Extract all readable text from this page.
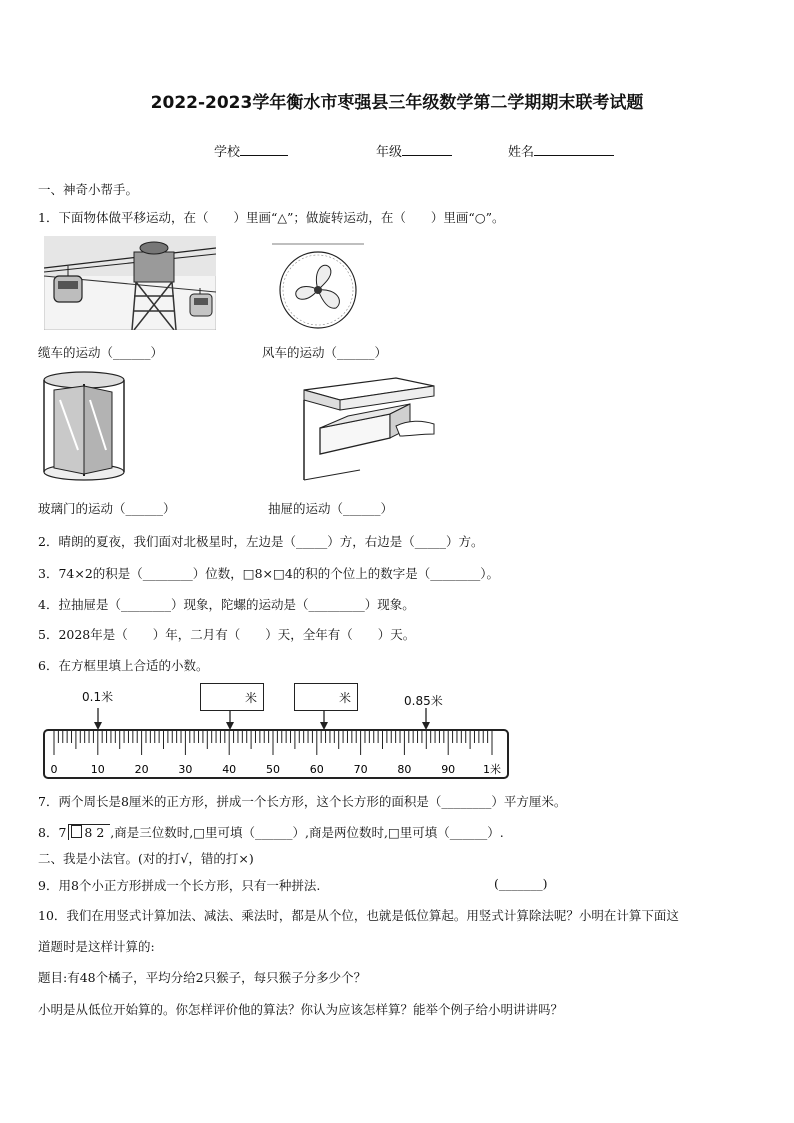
2022-2023学年衡水市枣强县三年级数学第二学期期末联考试题
学校	年级	姓名
一、神奇小帮手。
1．下面物体做平移运动，在（　　）里画“△”；做旋转运动，在（　　）里画“○”。
缆车的运动（______）	风车的运动（______）
玻璃门的运动（______）	抽屉的运动（______）
2．晴朗的夏夜，我们面对北极星时，左边是（_____）方，右边是（_____）方。
3．74×2的积是（________）位数，□8×□4的积的个位上的数字是（________）。
4．拉抽屉是（________）现象，陀螺的运动是（_________）现象。
5．2028年是（　　）年，二月有（　　）天，全年有（　　）天。
6．在方框里填上合适的小数。
0.1米	米	米	0.85米
0	10	20	30	40	50	60	70	80	90	1米
7．两个周长是8厘米的正方形，拼成一个长方形，这个长方形的面积是（________）平方厘米。
8．7 8 2 ,商是三位数时,□里可填（______）,商是两位数时,□里可填（______）.
二、我是小法官。(对的打√，错的打×)
9．用8个小正方形拼成一个长方形，只有一种拼法.	(_______)
10．我们在用竖式计算加法、减法、乘法时，都是从个位，也就是低位算起。用竖式计算除法呢？小明在计算下面这
道题时是这样计算的:
题目:有48个橘子，平均分给2只猴子，每只猴子分多少个？
小明是从低位开始算的。你怎样评价他的算法？你认为应该怎样算？能举个例子给小明讲讲吗？
